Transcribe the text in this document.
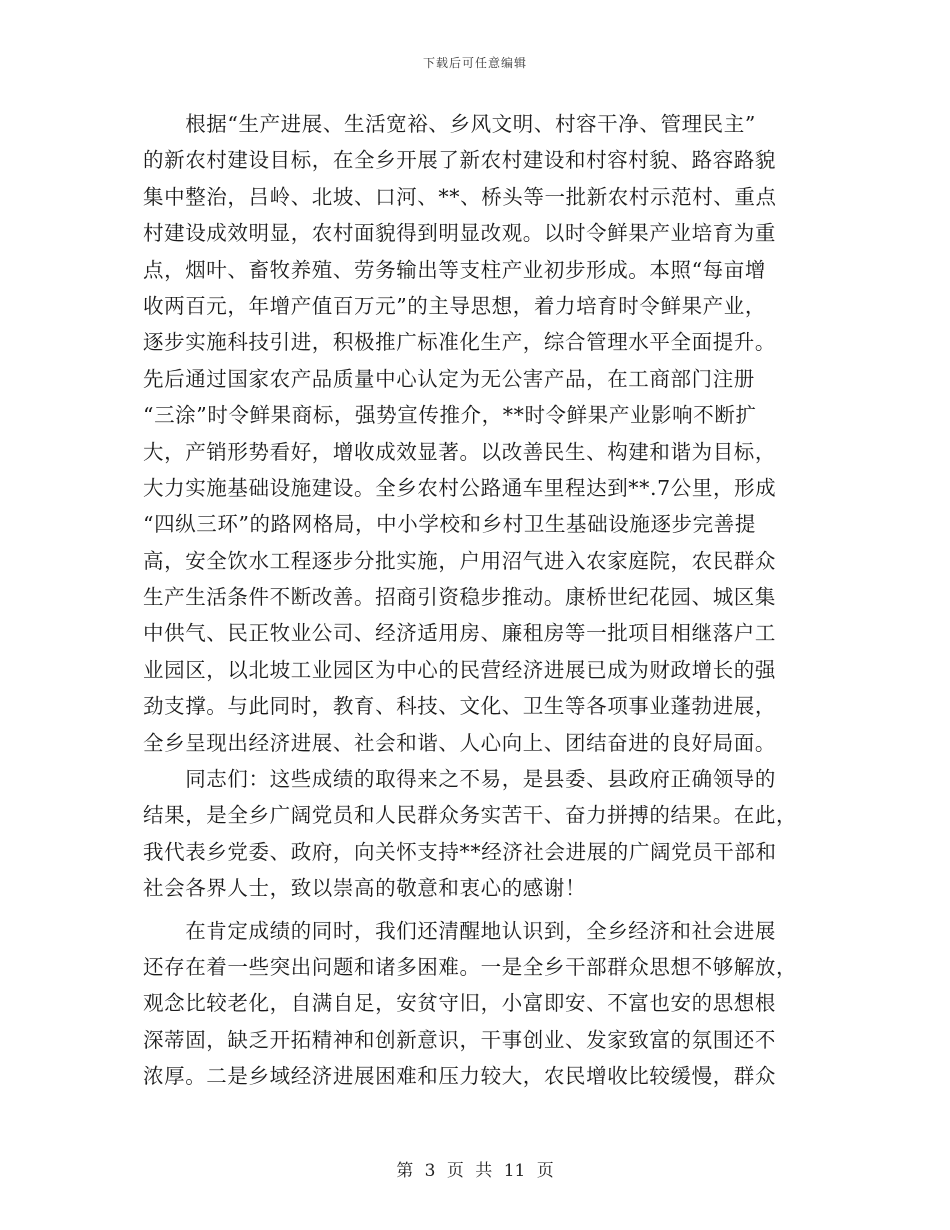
下载后可任意编辑
　　根据“生产进展、生活宽裕、乡风文明、村容干净、管理民主”
的新农村建设目标，在全乡开展了新农村建设和村容村貌、路容路貌
集中整治，吕岭、北坡、口河、**、桥头等一批新农村示范村、重点
村建设成效明显，农村面貌得到明显改观。以时令鲜果产业培育为重
点，烟叶、畜牧养殖、劳务输出等支柱产业初步形成。本照“每亩增
收两百元，年增产值百万元”的主导思想，着力培育时令鲜果产业，
逐步实施科技引进，积极推广标准化生产，综合管理水平全面提升。
先后通过国家农产品质量中心认定为无公害产品，在工商部门注册
“三涂”时令鲜果商标，强势宣传推介，**时令鲜果产业影响不断扩
大，产销形势看好，增收成效显著。以改善民生、构建和谐为目标，
大力实施基础设施建设。全乡农村公路通车里程达到**.7公里，形成
“四纵三环”的路网格局，中小学校和乡村卫生基础设施逐步完善提
高，安全饮水工程逐步分批实施，户用沼气进入农家庭院，农民群众
生产生活条件不断改善。招商引资稳步推动。康桥世纪花园、城区集
中供气、民正牧业公司、经济适用房、廉租房等一批项目相继落户工
业园区，以北坡工业园区为中心的民营经济进展已成为财政增长的强
劲支撑。与此同时，教育、科技、文化、卫生等各项事业蓬勃进展，
全乡呈现出经济进展、社会和谐、人心向上、团结奋进的良好局面。
　　同志们：这些成绩的取得来之不易，是县委、县政府正确领导的
结果，是全乡广阔党员和人民群众务实苦干、奋力拼搏的结果。在此，
我代表乡党委、政府，向关怀支持**经济社会进展的广阔党员干部和
社会各界人士，致以崇高的敬意和衷心的感谢！
　　在肯定成绩的同时，我们还清醒地认识到，全乡经济和社会进展
还存在着一些突出问题和诸多困难。一是全乡干部群众思想不够解放，
观念比较老化，自满自足，安贫守旧，小富即安、不富也安的思想根
深蒂固，缺乏开拓精神和创新意识，干事创业、发家致富的氛围还不
浓厚。二是乡域经济进展困难和压力较大，农民增收比较缓慢，群众
第 3 页 共 11 页
